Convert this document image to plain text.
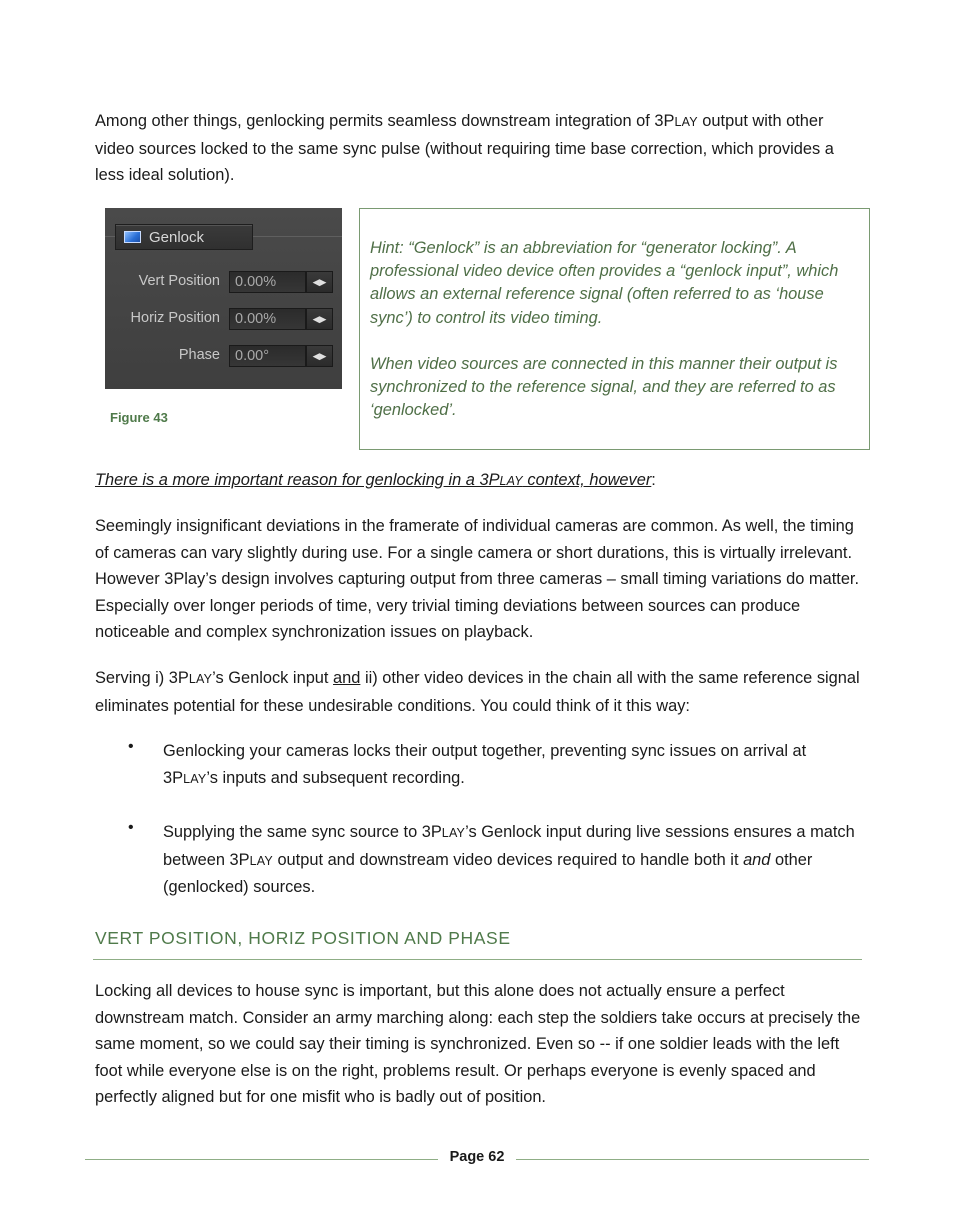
Among other things, genlocking permits seamless downstream integration of 3PLAY output with other video sources locked to the same sync pulse (without requiring time base correction, which provides a less ideal solution).

Genlock
Vert Position	0.00%	◀▶
Horiz Position	0.00%	◀▶
Phase	0.00°	◀▶
Figure 43

Hint: “Genlock” is an abbreviation for “generator locking”. A professional video device often provides a “genlock input”, which allows an external reference signal (often referred to as ‘house sync’) to control its video timing.

When video sources are connected in this manner their output is synchronized to the reference signal, and they are referred to as ‘genlocked’.

There is a more important reason for genlocking in a 3PLAY context, however:

Seemingly insignificant deviations in the framerate of individual cameras are common. As well, the timing of cameras can vary slightly during use. For a single camera or short durations, this is virtually irrelevant. However 3Play’s design involves capturing output from three cameras – small timing variations do matter. Especially over longer periods of time, very trivial timing deviations between sources can produce noticeable and complex synchronization issues on playback.

Serving i) 3PLAY’s Genlock input and ii) other video devices in the chain all with the same reference signal eliminates potential for these undesirable conditions. You could think of it this way:

• Genlocking your cameras locks their output together, preventing sync issues on arrival at 3PLAY’s inputs and subsequent recording.

• Supplying the same sync source to 3PLAY’s Genlock input during live sessions ensures a match between 3PLAY output and downstream video devices required to handle both it and other (genlocked) sources.

VERT POSITION, HORIZ POSITION AND PHASE

Locking all devices to house sync is important, but this alone does not actually ensure a perfect downstream match. Consider an army marching along: each step the soldiers take occurs at precisely the same moment, so we could say their timing is synchronized. Even so -- if one soldier leads with the left foot while everyone else is on the right, problems result. Or perhaps everyone is evenly spaced and perfectly aligned but for one misfit who is badly out of position.

Page 62
